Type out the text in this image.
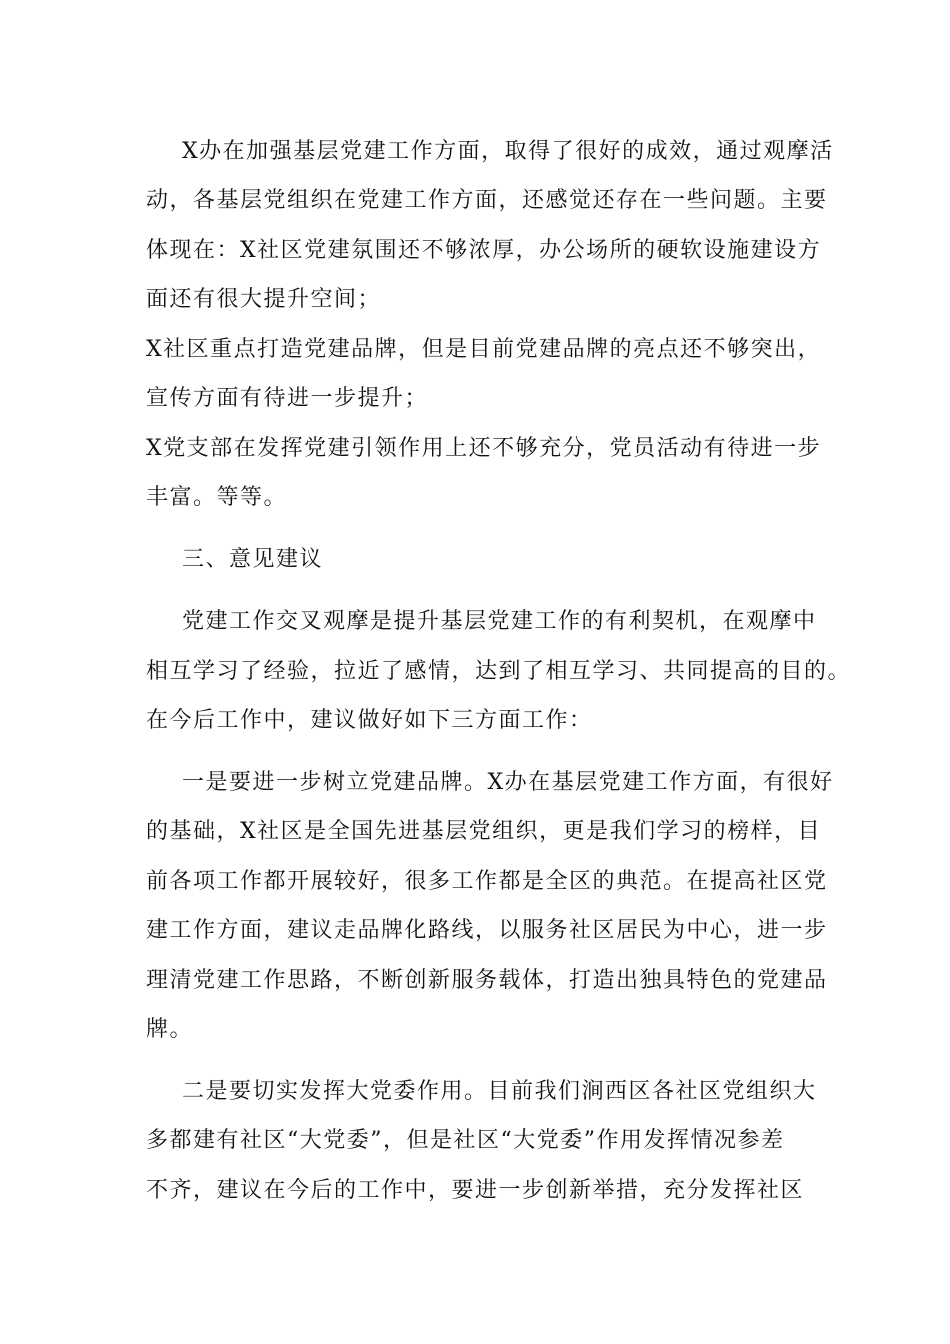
X办在加强基层党建工作方面，取得了很好的成效，通过观摩活

动，各基层党组织在党建工作方面，还感觉还存在一些问题。主要

体现在：X社区党建氛围还不够浓厚，办公场所的硬软设施建设方

面还有很大提升空间；

X社区重点打造党建品牌，但是目前党建品牌的亮点还不够突出，

宣传方面有待进一步提升；

X党支部在发挥党建引领作用上还不够充分，党员活动有待进一步

丰富。等等。

三、意见建议

党建工作交叉观摩是提升基层党建工作的有利契机，在观摩中

相互学习了经验，拉近了感情，达到了相互学习、共同提高的目的。

在今后工作中，建议做好如下三方面工作：

一是要进一步树立党建品牌。X办在基层党建工作方面，有很好

的基础，X社区是全国先进基层党组织，更是我们学习的榜样，目

前各项工作都开展较好，很多工作都是全区的典范。在提高社区党

建工作方面，建议走品牌化路线，以服务社区居民为中心，进一步

理清党建工作思路，不断创新服务载体，打造出独具特色的党建品

牌。

二是要切实发挥大党委作用。目前我们涧西区各社区党组织大

多都建有社区“大党委”，但是社区“大党委”作用发挥情况参差

不齐，建议在今后的工作中，要进一步创新举措，充分发挥社区
